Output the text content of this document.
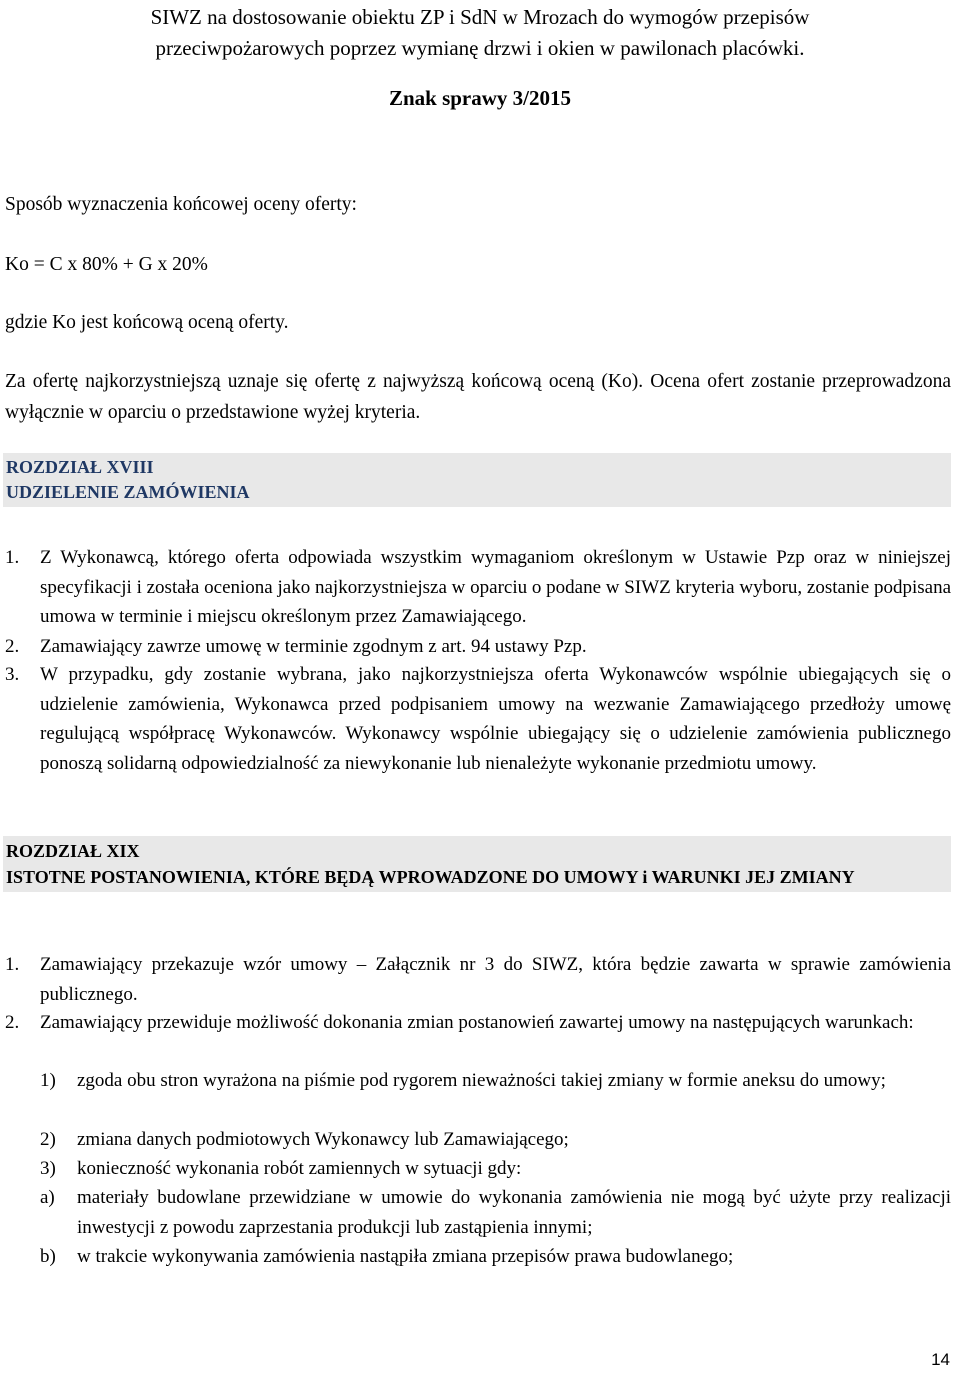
SIWZ na dostosowanie obiektu ZP i SdN w Mrozach do wymogów przepisów
przeciwpożarowych poprzez wymianę drzwi i okien w pawilonach placówki.
Znak sprawy 3/2015
Sposób wyznaczenia końcowej oceny oferty:
Ko = C x 80% + G x 20%
gdzie Ko jest końcową oceną oferty.
Za ofertę najkorzystniejszą uznaje się ofertę z najwyższą końcową oceną (Ko). Ocena ofert zostanie przeprowadzona wyłącznie w oparciu o przedstawione wyżej kryteria.
ROZDZIAŁ XVIII
UDZIELENIE ZAMÓWIENIA
1. Z Wykonawcą, którego oferta odpowiada wszystkim wymaganiom określonym w Ustawie Pzp oraz w niniejszej specyfikacji i została oceniona jako najkorzystniejsza w oparciu o podane w SIWZ kryteria wyboru, zostanie podpisana umowa w terminie i miejscu określonym przez Zamawiającego.
2. Zamawiający zawrze umowę w terminie zgodnym z art. 94 ustawy Pzp.
3. W przypadku, gdy zostanie wybrana, jako najkorzystniejsza oferta Wykonawców wspólnie ubiegających się o udzielenie zamówienia, Wykonawca przed podpisaniem umowy na wezwanie Zamawiającego przedłoży umowę regulującą współpracę Wykonawców. Wykonawcy wspólnie ubiegający się o udzielenie zamówienia publicznego ponoszą solidarną odpowiedzialność za niewykonanie lub nienależyte wykonanie przedmiotu umowy.
ROZDZIAŁ XIX
ISTOTNE POSTANOWIENIA, KTÓRE BĘDĄ WPROWADZONE DO UMOWY i WARUNKI JEJ ZMIANY
1. Zamawiający przekazuje wzór umowy – Załącznik nr 3 do SIWZ, która będzie zawarta w sprawie zamówienia publicznego.
2. Zamawiający przewiduje możliwość dokonania zmian postanowień zawartej umowy na następujących warunkach:
1) zgoda obu stron wyrażona na piśmie pod rygorem nieważności takiej zmiany w formie aneksu do umowy;
2) zmiana danych podmiotowych Wykonawcy lub Zamawiającego;
3) konieczność wykonania robót zamiennych w sytuacji gdy:
a) materiały budowlane przewidziane w umowie do wykonania zamówienia nie mogą być użyte przy realizacji inwestycji z powodu zaprzestania produkcji lub zastąpienia innymi;
b) w trakcie wykonywania zamówienia nastąpiła zmiana przepisów prawa budowlanego;
14
